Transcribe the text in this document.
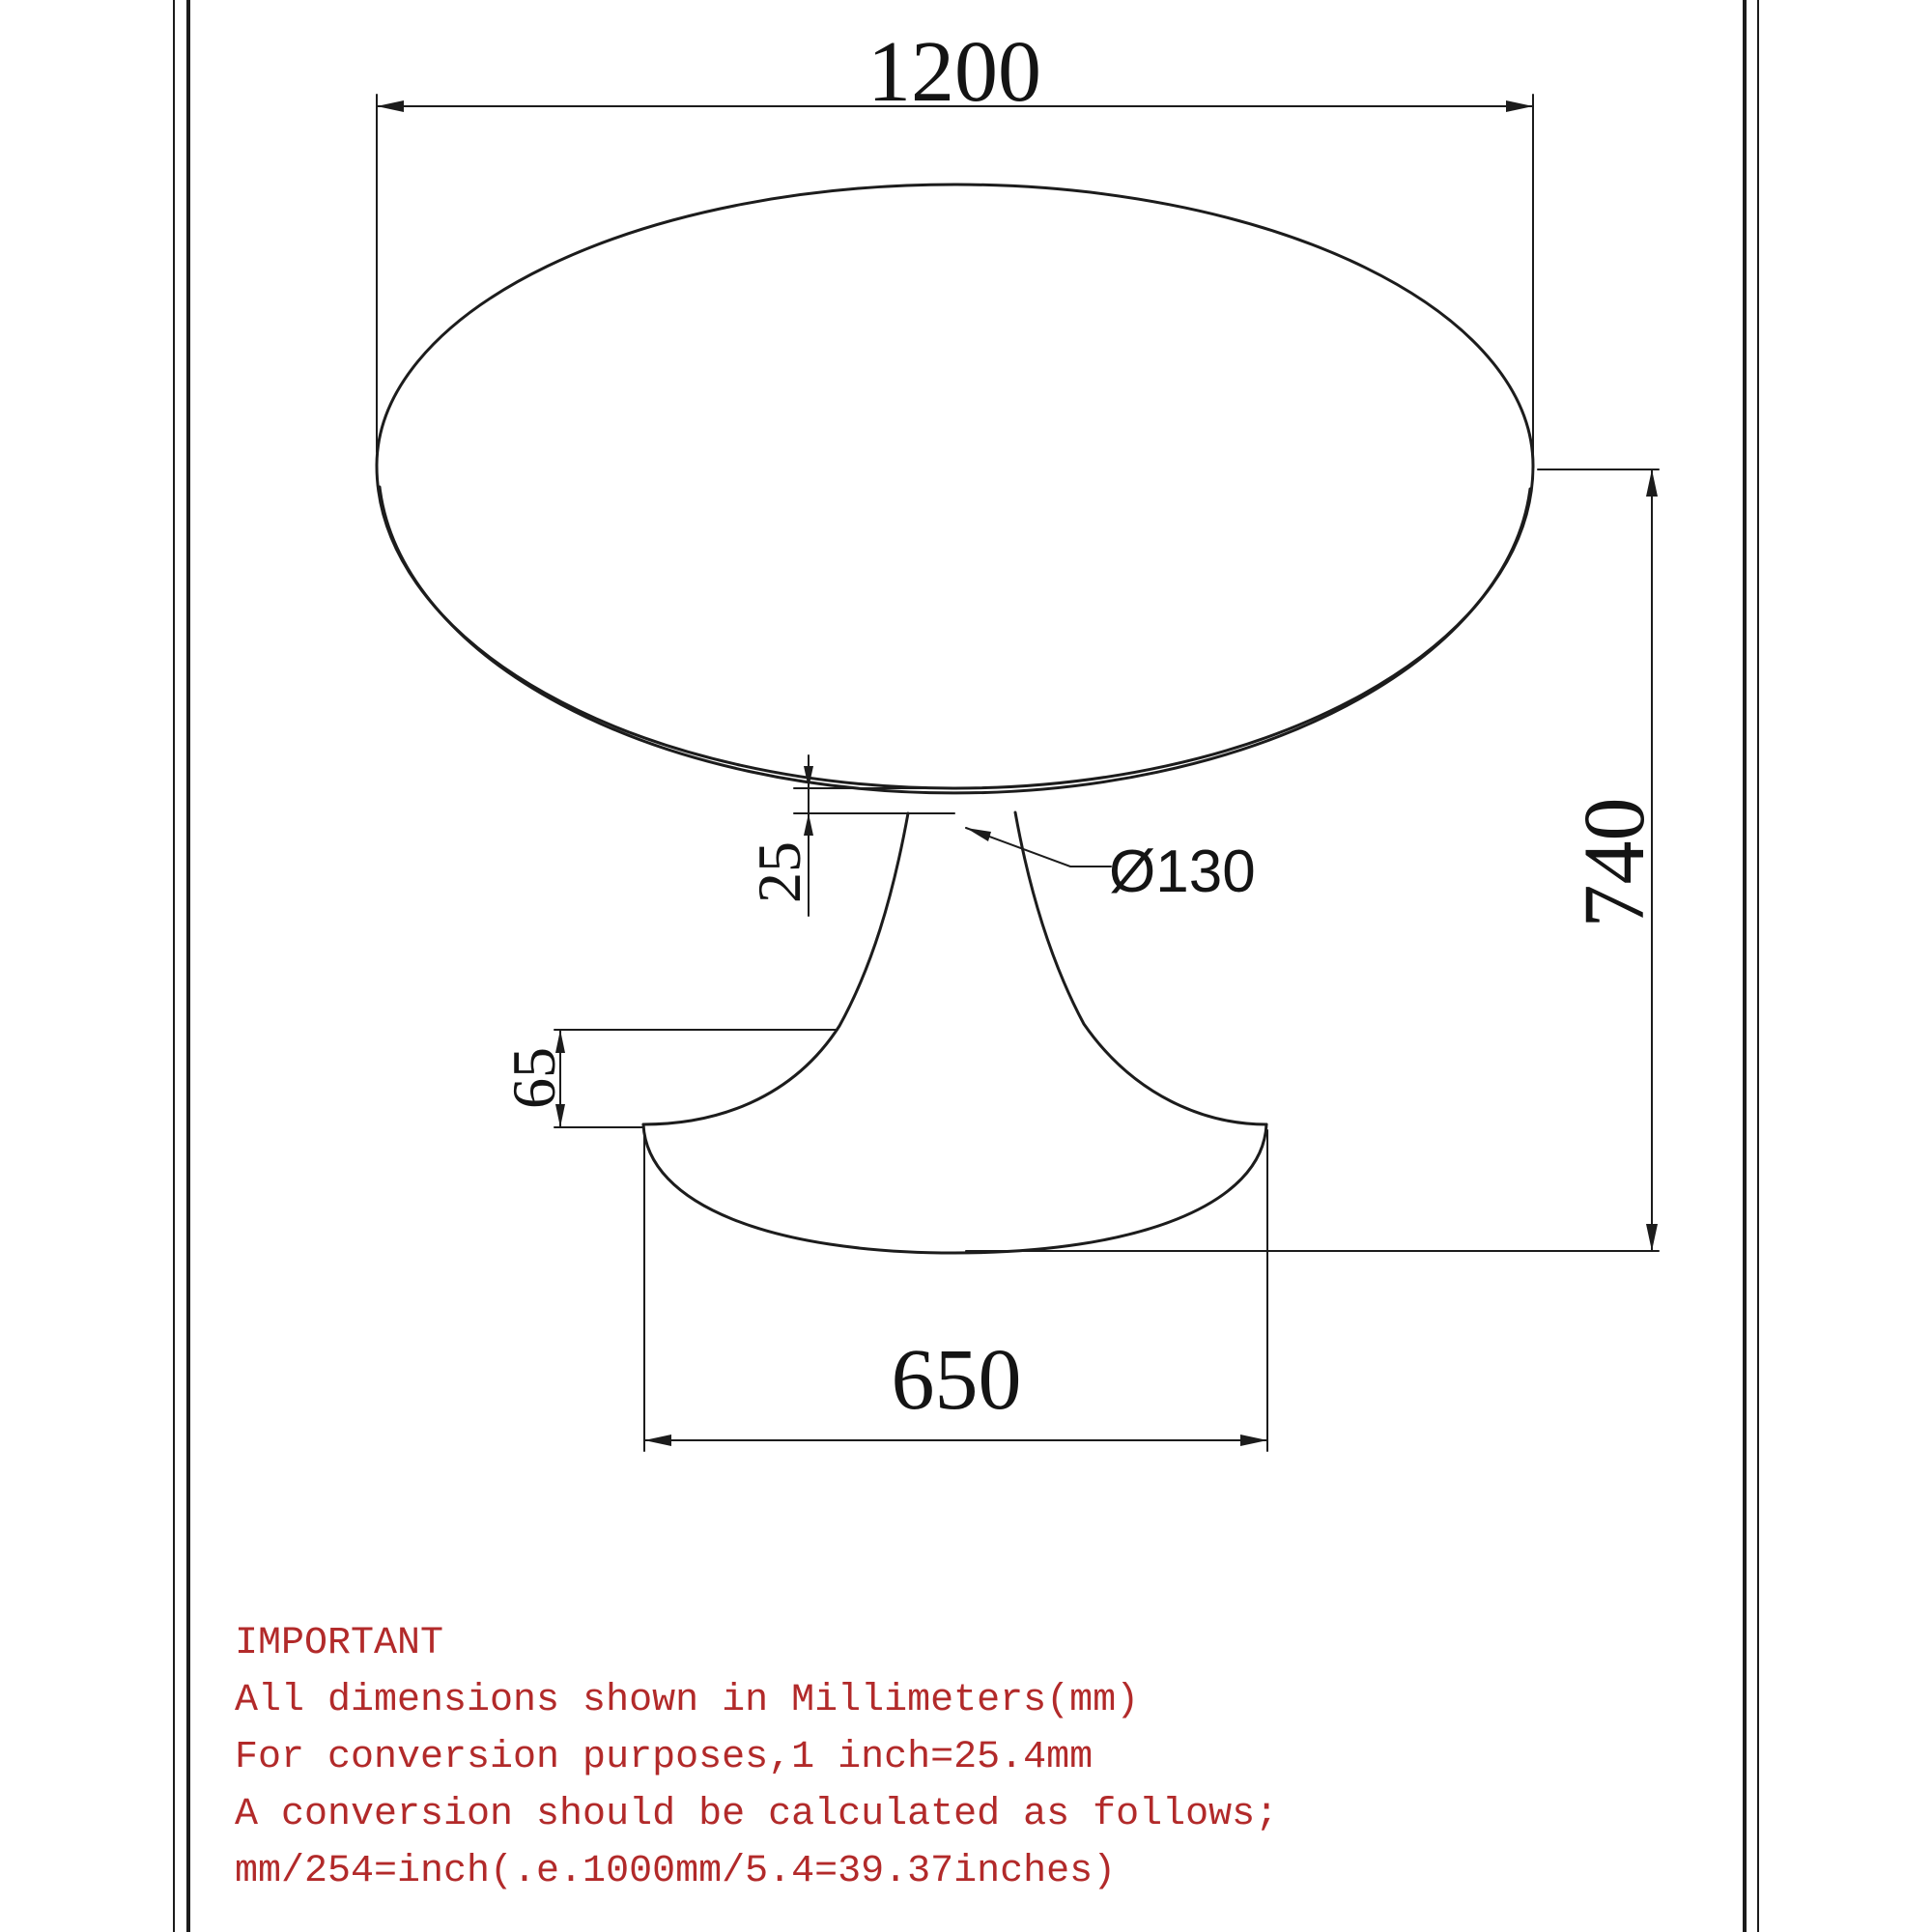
1200
740
650
65
25	Ø130
IMPORTANT
All dimensions shown in Millimeters(mm)
For conversion purposes,1 inch=25.4mm
A conversion should be calculated as follows;
mm/254=inch(.e.1000mm/5.4=39.37inches)
